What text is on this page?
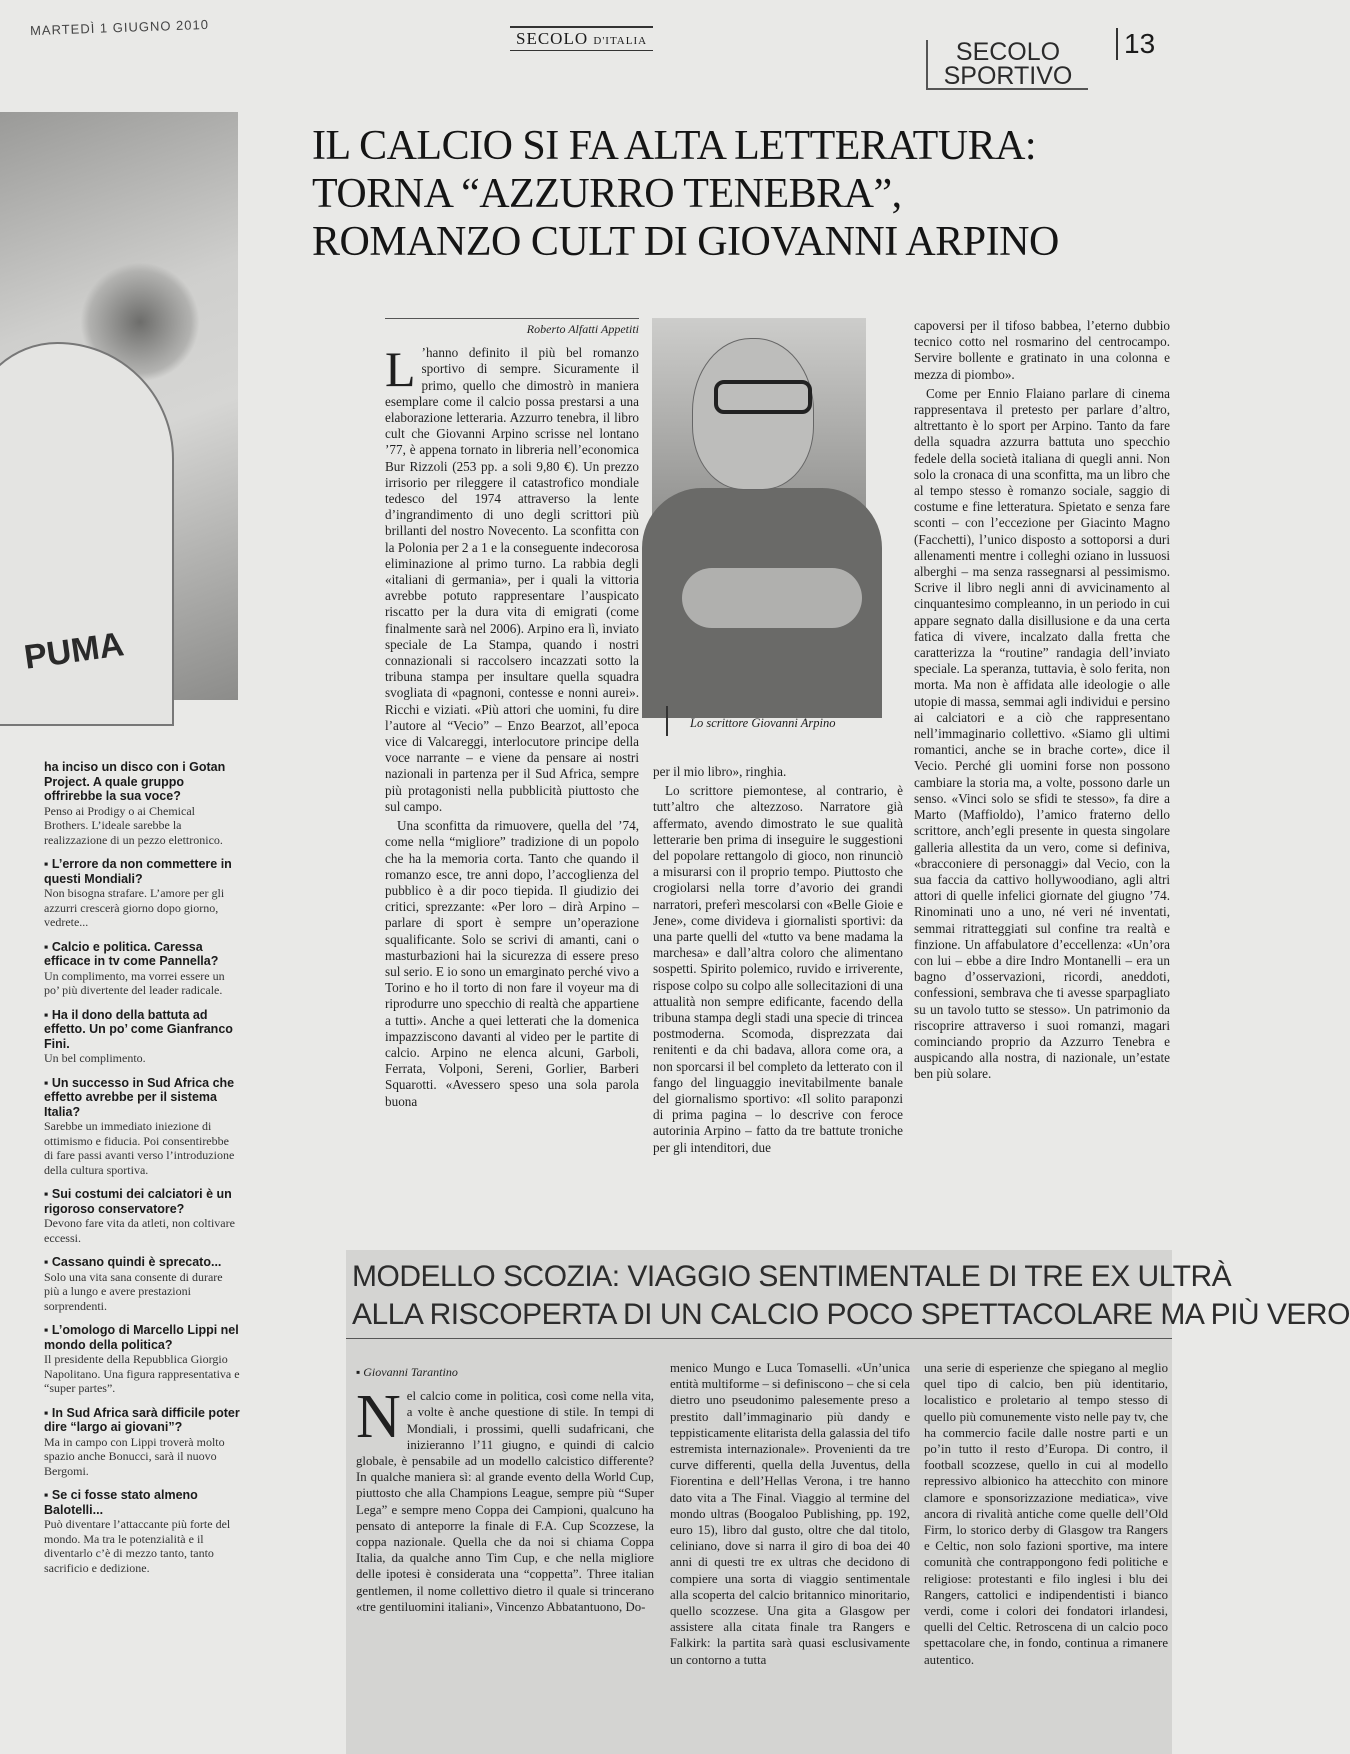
MARTEDÌ 1 GIUGNO 2010
SECOLO D'ITALIA	SECOLO
SPORTIVO
13
PUMA
IL CALCIO SI FA ALTA LETTERATURA:
TORNA “AZZURRO TENEBRA”,
ROMANZO CULT DI GIOVANNI ARPINO
Roberto Alfatti Appetiti

L ’hanno definito il più bel romanzo sportivo di sempre. Sicuramente il primo, quello che dimostrò in maniera esemplare come il calcio possa prestarsi a una elaborazione letteraria. Azzurro tenebra, il libro cult che Giovanni Arpino scrisse nel lontano ’77, è appena tornato in libreria nell’economica Bur Rizzoli (253 pp. a soli 9,80 €). Un prezzo irrisorio per rileggere il catastrofico mondiale tedesco del 1974 attraverso la lente d’ingrandimento di uno degli scrittori più brillanti del nostro Novecento. La sconfitta con la Polonia per 2 a 1 e la conseguente indecorosa eliminazione al primo turno. La rabbia degli «italiani di germania», per i quali la vittoria avrebbe potuto rappresentare l’auspicato riscatto per la dura vita di emigrati (come finalmente sarà nel 2006). Arpino era lì, inviato speciale de La Stampa, quando i nostri connazionali si raccolsero incazzati sotto la tribuna stampa per insultare quella squadra svogliata di «pagnoni, contesse e nonni aurei». Ricchi e viziati. «Più attori che uomini, fu dire l’autore al “Vecio” – Enzo Bearzot, all’epoca vice di Valcareggi, interlocutore principe della voce narrante – e viene da pensare ai nostri nazionali in partenza per il Sud Africa, sempre più protagonisti nella pubblicità piuttosto che sul campo.

Una sconfitta da rimuovere, quella del ’74, come nella “migliore” tradizione di un popolo che ha la memoria corta. Tanto che quando il romanzo esce, tre anni dopo, l’accoglienza del pubblico è a dir poco tiepida. Il giudizio dei critici, sprezzante: «Per loro – dirà Arpino – parlare di sport è sempre un’operazione squalificante. Solo se scrivi di amanti, cani o masturbazioni hai la sicurezza di essere preso sul serio. E io sono un emarginato perché vivo a Torino e ho il torto di non fare il voyeur ma di riprodurre uno specchio di realtà che appartiene a tutti». Anche a quei letterati che la domenica impazziscono davanti al video per le partite di calcio. Arpino ne elenca alcuni, Garboli, Ferrata, Volponi, Sereni, Gorlier, Barberi Squarotti. «Avessero speso una sola parola buona

Lo scrittore Giovanni Arpino

per il mio libro», ringhia.

Lo scrittore piemontese, al contrario, è tutt’altro che altezzoso. Narratore già affermato, avendo dimostrato le sue qualità letterarie ben prima di inseguire le suggestioni del popolare rettangolo di gioco, non rinunciò a misurarsi con il proprio tempo. Piuttosto che crogiolarsi nella torre d’avorio dei grandi narratori, preferì mescolarsi con «Belle Gioie e Jene», come divideva i giornalisti sportivi: da una parte quelli del «tutto va bene madama la marchesa» e dall’altra coloro che alimentano sospetti. Spirito polemico, ruvido e irriverente, rispose colpo su colpo alle sollecitazioni di una attualità non sempre edificante, facendo della tribuna stampa degli stadi una specie di trincea postmoderna. Scomoda, disprezzata dai renitenti e da chi badava, allora come ora, a non sporcarsi il bel completo da letterato con il fango del linguaggio inevitabilmente banale del giornalismo sportivo: «Il solito paraponzi di prima pagina – lo descrive con feroce autorinia Arpino – fatto da tre battute troniche per gli intenditori, due

capoversi per il tifoso babbea, l’eterno dubbio tecnico cotto nel rosmarino del centrocampo. Servire bollente e gratinato in una colonna e mezza di piombo».

Come per Ennio Flaiano parlare di cinema rappresentava il pretesto per parlare d’altro, altrettanto è lo sport per Arpino. Tanto da fare della squadra azzurra battuta uno specchio fedele della società italiana di quegli anni. Non solo la cronaca di una sconfitta, ma un libro che al tempo stesso è romanzo sociale, saggio di costume e fine letteratura. Spietato e senza fare sconti – con l’eccezione per Giacinto Magno (Facchetti), l’unico disposto a sottoporsi a duri allenamenti mentre i colleghi oziano in lussuosi alberghi – ma senza rassegnarsi al pessimismo. Scrive il libro negli anni di avvicinamento al cinquantesimo compleanno, in un periodo in cui appare segnato dalla disillusione e da una certa fatica di vivere, incalzato dalla fretta che caratterizza la “routine” randagia dell’inviato speciale. La speranza, tuttavia, è solo ferita, non morta. Ma non è affidata alle ideologie o alle utopie di massa, semmai agli individui e persino ai calciatori e a ciò che rappresentano nell’immaginario collettivo. «Siamo gli ultimi romantici, anche se in brache corte», dice il Vecio. Perché gli uomini forse non possono cambiare la storia ma, a volte, possono darle un senso. «Vinci solo se sfidi te stesso», fa dire a Marto (Maffioldo), l’amico fraterno dello scrittore, anch’egli presente in questa singolare galleria allestita da un vero, come si definiva, «bracconiere di personaggi» dal Vecio, con la sua faccia da cattivo hollywoodiano, agli altri attori di quelle infelici giornate del giugno ’74. Rinominati uno a uno, né veri né inventati, semmai ritratteggiati sul confine tra realtà e finzione. Un affabulatore d’eccellenza: «Un’ora con lui – ebbe a dire Indro Montanelli – era un bagno d’osservazioni, ricordi, aneddoti, confessioni, sembrava che ti avesse sparpagliato su un tavolo tutto se stesso». Un patrimonio da riscoprire attraverso i suoi romanzi, magari cominciando proprio da Azzurro Tenebra e auspicando alla nostra, di nazionale, un’estate ben più solare.

ha inciso un disco con i Gotan Project. A quale gruppo offrirebbe la sua voce?
Penso ai Prodigy o ai Chemical Brothers. L’ideale sarebbe la realizzazione di un pezzo elettronico.
▪ L’errore da non commettere in questi Mondiali?
Non bisogna strafare. L’amore per gli azzurri crescerà giorno dopo giorno, vedrete...
▪ Calcio e politica. Caressa efficace in tv come Pannella?
Un complimento, ma vorrei essere un po’ più divertente del leader radicale.
▪ Ha il dono della battuta ad effetto. Un po’ come Gianfranco Fini.
Un bel complimento.
▪ Un successo in Sud Africa che effetto avrebbe per il sistema Italia?
Sarebbe un immediato iniezione di ottimismo e fiducia. Poi consentirebbe di fare passi avanti verso l’introduzione della cultura sportiva.
▪ Sui costumi dei calciatori è un rigoroso conservatore?
Devono fare vita da atleti, non coltivare eccessi.
▪ Cassano quindi è sprecato...
Solo una vita sana consente di durare più a lungo e avere prestazioni sorprendenti.
▪ L’omologo di Marcello Lippi nel mondo della politica?
Il presidente della Repubblica Giorgio Napolitano. Una figura rappresentativa e “super partes”.
▪ In Sud Africa sarà difficile poter dire “largo ai giovani”?
Ma in campo con Lippi troverà molto spazio anche Bonucci, sarà il nuovo Bergomi.
▪ Se ci fosse stato almeno Balotelli...
Può diventare l’attaccante più forte del mondo. Ma tra le potenzialità e il diventarlo c’è di mezzo tanto, tanto sacrificio e dedizione.
MODELLO SCOZIA: VIAGGIO SENTIMENTALE DI TRE EX ULTRÀ
ALLA RISCOPERTA DI UN CALCIO POCO SPETTACOLARE MA PIÙ VERO
▪ Giovanni Tarantino

Nel calcio come in politica, così come nella vita, a volte è anche questione di stile. In tempi di Mondiali, i prossimi, quelli sudafricani, che inizieranno l’11 giugno, e quindi di calcio globale, è pensabile ad un modello calcistico differente? In qualche maniera sì: al grande evento della World Cup, piuttosto che alla Champions League, sempre più “Super Lega” e sempre meno Coppa dei Campioni, qualcuno ha pensato di anteporre la finale di F.A. Cup Scozzese, la coppa nazionale. Quella che da noi si chiama Coppa Italia, da qualche anno Tim Cup, e che nella migliore delle ipotesi è considerata una “coppetta”. Three italian gentlemen, il nome collettivo dietro il quale si trincerano «tre gentiluomini italiani», Vincenzo Abbatantuono, Do-

menico Mungo e Luca Tomaselli. «Un’unica entità multiforme – si definiscono – che si cela dietro uno pseudonimo palesemente preso a prestito dall’immaginario più dandy e teppisticamente elitarista della galassia del tifo estremista internazionale». Provenienti da tre curve differenti, quella della Juventus, della Fiorentina e dell’Hellas Verona, i tre hanno dato vita a The Final. Viaggio al termine del mondo ultras (Boogaloo Publishing, pp. 192, euro 15), libro dal gusto, oltre che dal titolo, celiniano, dove si narra il giro di boa dei 40 anni di questi tre ex ultras che decidono di compiere una sorta di viaggio sentimentale alla scoperta del calcio britannico minoritario, quello scozzese. Una gita a Glasgow per assistere alla citata finale tra Rangers e Falkirk: la partita sarà quasi esclusivamente un contorno a tutta

una serie di esperienze che spiegano al meglio quel tipo di calcio, ben più identitario, localistico e proletario al tempo stesso di quello più comunemente visto nelle pay tv, che ha commercio facile dalle nostre parti e un po’in tutto il resto d’Europa. Di contro, il football scozzese, quello in cui al modello repressivo albionico ha attecchito con minore clamore e sponsorizzazione mediatica», vive ancora di rivalità antiche come quelle dell’Old Firm, lo storico derby di Glasgow tra Rangers e Celtic, non solo fazioni sportive, ma intere comunità che contrappongono fedi politiche e religiose: protestanti e filo inglesi i blu dei Rangers, cattolici e indipendentisti i bianco verdi, come i colori dei fondatori irlandesi, quelli del Celtic. Retroscena di un calcio poco spettacolare che, in fondo, continua a rimanere autentico.
